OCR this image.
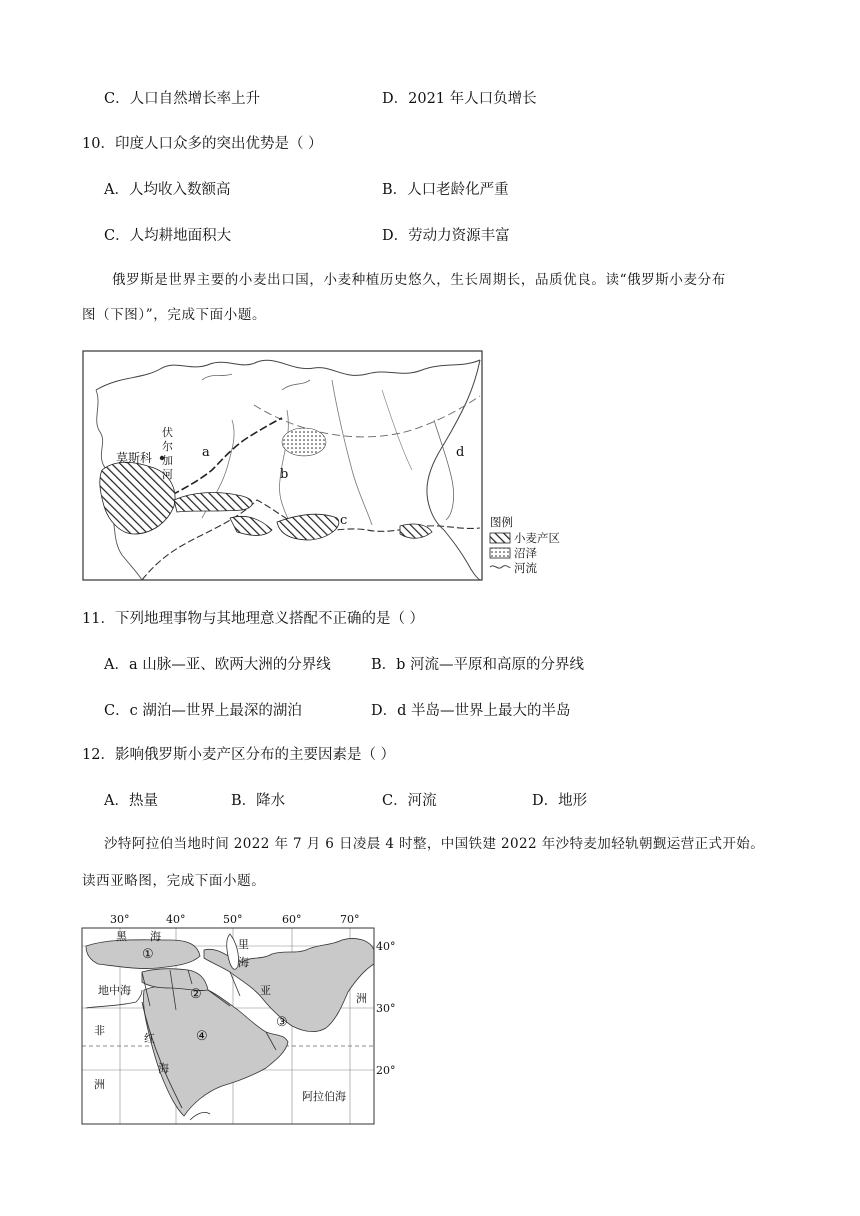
C．人口自然增长率上升	D．2021 年人口负增长
10．印度人口众多的突出优势是（ ）
A．人均收入数额高	B．人口老龄化严重
C．人均耕地面积大	D．劳动力资源丰富
俄罗斯是世界主要的小麦出口国，小麦种植历史悠久，生长周期长，品质优良。读“俄罗斯小麦分布
图（下图）”，完成下面小题。
莫斯科
伏
尔
加
河
a
b
c
d
图例
小麦产区
沼泽
河流
11．下列地理事物与其地理意义搭配不正确的是（ ）
A．a 山脉—亚、欧两大洲的分界线	B．b 河流—平原和高原的分界线
C．c 湖泊—世界上最深的湖泊	D．d 半岛—世界上最大的半岛
12．影响俄罗斯小麦产区分布的主要因素是（ ）
A．热量	B．降水	C．河流	D．地形
沙特阿拉伯当地时间 2022 年 7 月 6 日凌晨 4 时整，中国铁建 2022 年沙特麦加轻轨朝觐运营正式开始。
读西亚略图，完成下面小题。
①
②
③
④
黑 海
里
海
地中海
非
洲
红
海
亚
洲
阿拉伯海
30°	40°	50°	60°	70°
40°
30°
20°
